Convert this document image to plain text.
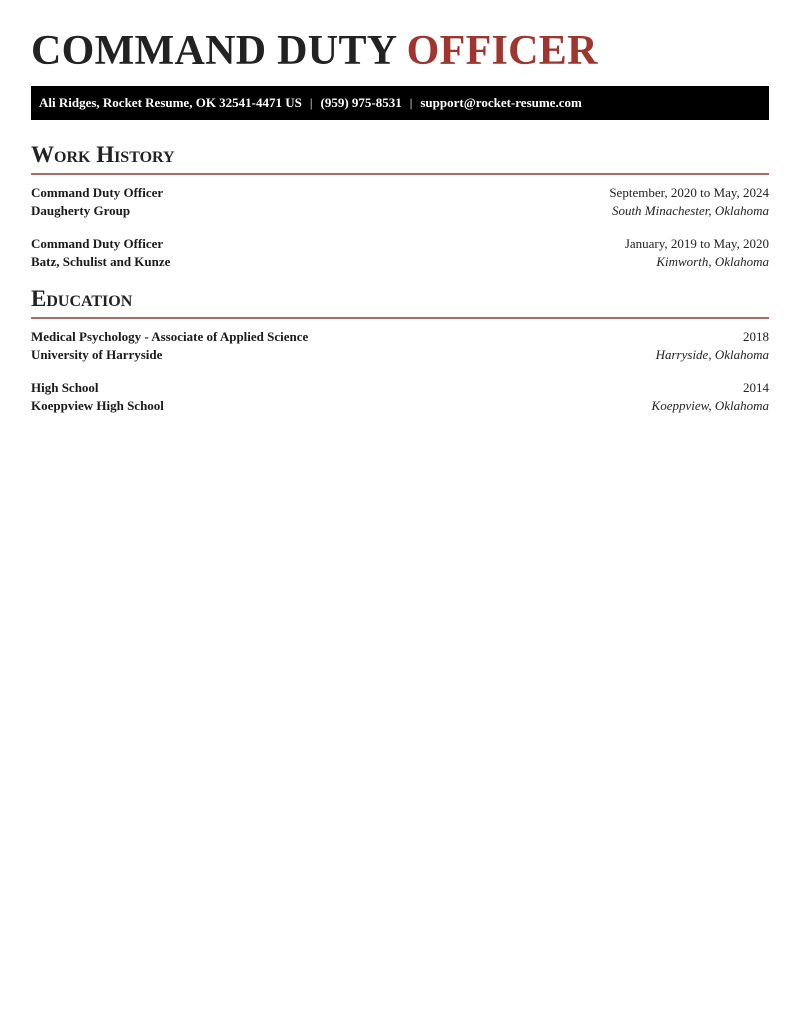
COMMAND DUTY OFFICER
Ali Ridges, Rocket Resume, OK 32541-4471 US | (959) 975-8531 | support@rocket-resume.com
Work History
Command Duty Officer	September, 2020 to May, 2024
Daugherty Group	South Minachester, Oklahoma
Command Duty Officer	January, 2019 to May, 2020
Batz, Schulist and Kunze	Kimworth, Oklahoma
Education
Medical Psychology - Associate of Applied Science	2018
University of Harryside	Harryside, Oklahoma
High School	2014
Koeppview High School	Koeppview, Oklahoma
